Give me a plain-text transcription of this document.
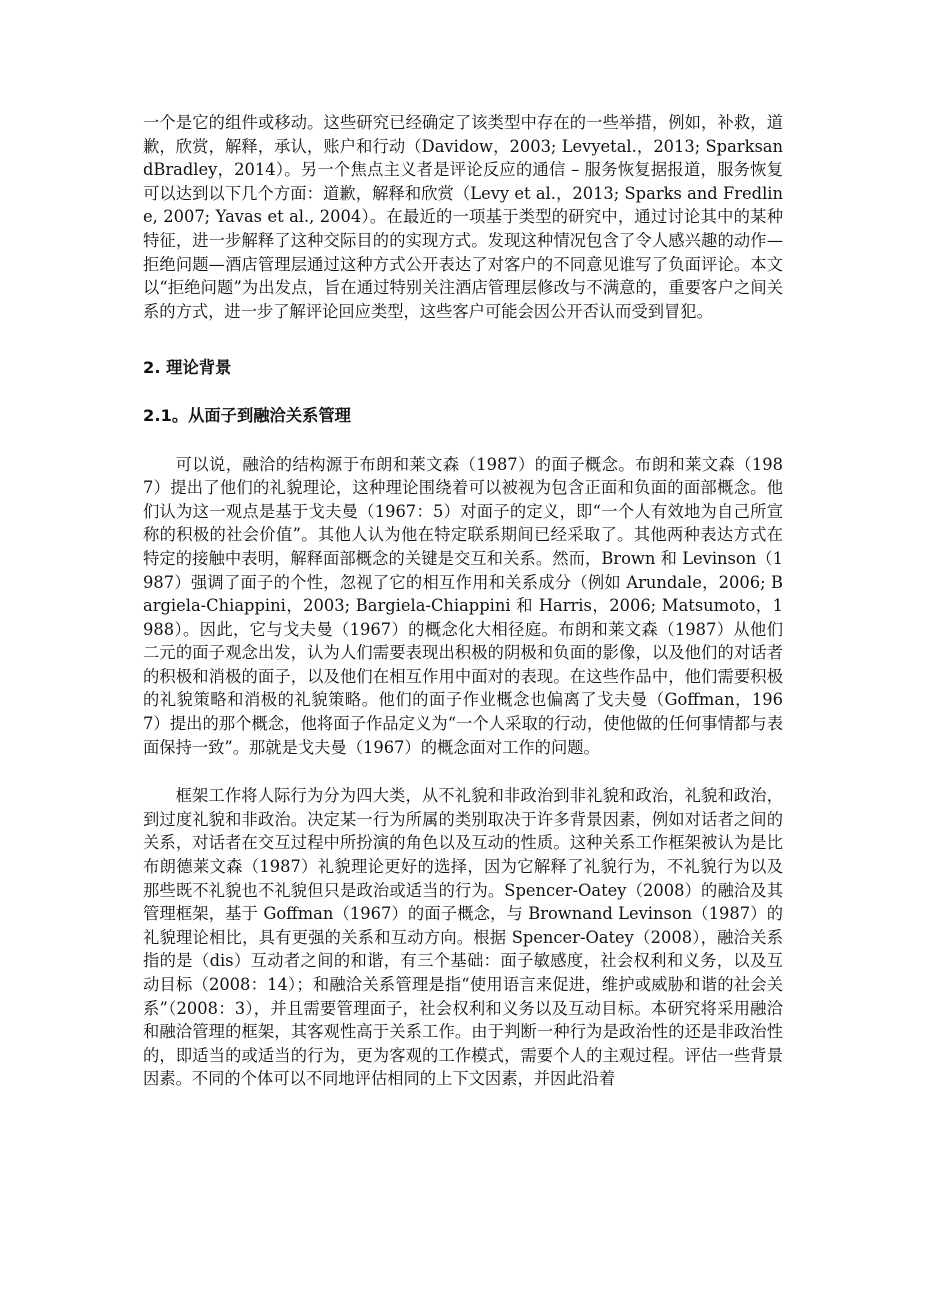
一个是它的组件或移动。这些研究已经确定了该类型中存在的一些举措，例如，补救，道歉，欣赏，解释，承认，账户和行动（Davidow，2003; Levyetal.，2013; SparksandBradley，2014）。另一个焦点主义者是评论反应的通信 – 服务恢复据报道，服务恢复可以达到以下几个方面：道歉，解释和欣赏（Levy et al.，2013; Sparks and Fredline, 2007; Yavas et al., 2004）。在最近的一项基于类型的研究中，通过讨论其中的某种特征，进一步解释了这种交际目的的实现方式。发现这种情况包含了令人感兴趣的动作—拒绝问题—酒店管理层通过这种方式公开表达了对客户的不同意见谁写了负面评论。本文以“拒绝问题”为出发点，旨在通过特别关注酒店管理层修改与不满意的，重要客户之间关系的方式，进一步了解评论回应类型，这些客户可能会因公开否认而受到冒犯。

2. 理论背景
2.1。从面子到融洽关系管理

可以说，融洽的结构源于布朗和莱文森（1987）的面子概念。布朗和莱文森（1987）提出了他们的礼貌理论，这种理论围绕着可以被视为包含正面和负面的面部概念。他们认为这一观点是基于戈夫曼（1967：5）对面子的定义，即“一个人有效地为自己所宣称的积极的社会价值”。其他人认为他在特定联系期间已经采取了。其他两种表达方式在特定的接触中表明，解释面部概念的关键是交互和关系。然而，Brown 和 Levinson（1987）强调了面子的个性，忽视了它的相互作用和关系成分（例如 Arundale，2006; Bargiela-Chiappini，2003; Bargiela-Chiappini 和 Harris，2006; Matsumoto，1988）。因此，它与戈夫曼（1967）的概念化大相径庭。布朗和莱文森（1987）从他们二元的面子观念出发，认为人们需要表现出积极的阴极和负面的影像，以及他们的对话者的积极和消极的面子，以及他们在相互作用中面对的表现。在这些作品中，他们需要积极的礼貌策略和消极的礼貌策略。他们的面子作业概念也偏离了戈夫曼（Goffman，1967）提出的那个概念，他将面子作品定义为“一个人采取的行动，使他做的任何事情都与表面保持一致”。那就是戈夫曼（1967）的概念面对工作的问题。

框架工作将人际行为分为四大类，从不礼貌和非政治到非礼貌和政治，礼貌和政治，到过度礼貌和非政治。决定某一行为所属的类别取决于许多背景因素，例如对话者之间的关系，对话者在交互过程中所扮演的角色以及互动的性质。这种关系工作框架被认为是比布朗德莱文森（1987）礼貌理论更好的选择，因为它解释了礼貌行为，不礼貌行为以及那些既不礼貌也不礼貌但只是政治或适当的行为。Spencer-Oatey（2008）的融洽及其管理框架，基于 Goffman（1967）的面子概念，与 Brownand Levinson（1987）的礼貌理论相比，具有更强的关系和互动方向。根据 Spencer-Oatey（2008），融洽关系指的是（dis）互动者之间的和谐，有三个基础：面子敏感度，社会权利和义务，以及互动目标（2008：14）；和融洽关系管理是指“使用语言来促进，维护或威胁和谐的社会关系”（2008：3），并且需要管理面子，社会权利和义务以及互动目标。本研究将采用融洽和融洽管理的框架，其客观性高于关系工作。由于判断一种行为是政治性的还是非政治性的，即适当的或适当的行为，更为客观的工作模式，需要个人的主观过程。评估一些背景因素。不同的个体可以不同地评估相同的上下文因素，并因此沿着
